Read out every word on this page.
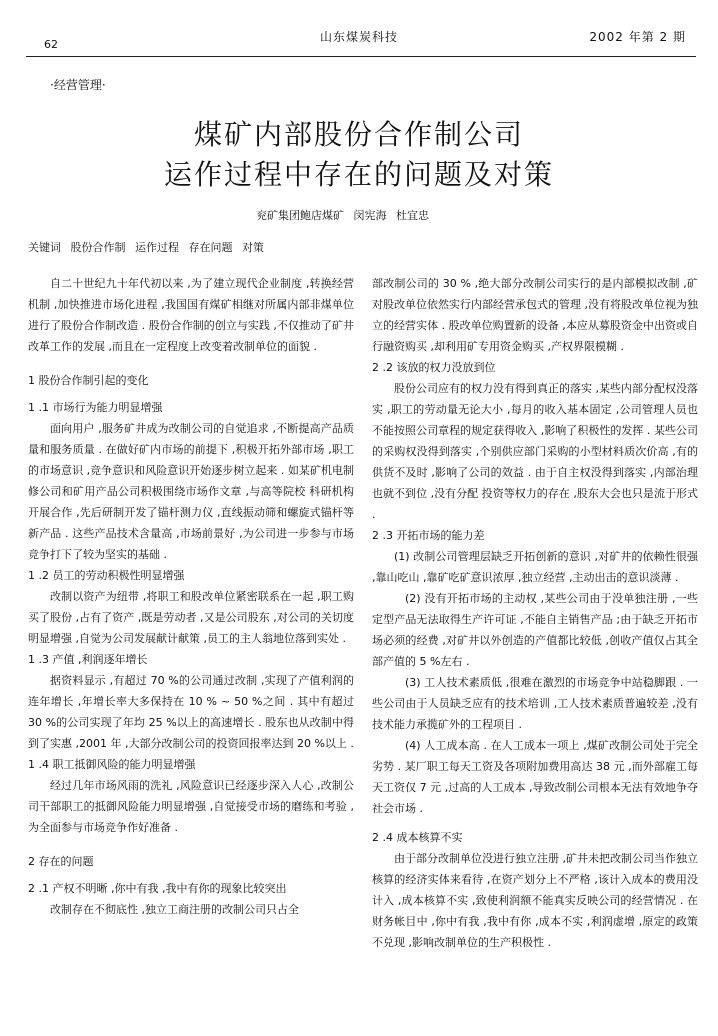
山东煤炭科技
62
2002 年第 2 期
·经营管理·
煤矿内部股份合作制公司
运作过程中存在的问题及对策
兖矿集团鲍店煤矿 闵宪海 杜宜忠
关键词 股份合作制 运作过程 存在问题 对策

自二十世纪九十年代初以来 ,为了建立现代企业制度 ,转换经营机制 ,加快推进市场化进程 ,我国国有煤矿相继对所属内部非煤单位进行了股份合作制改造 . 股份合作制的创立与实践 ,不仅推动了矿井改革工作的发展 ,而且在一定程度上改变着改制单位的面貌 .

1 股份合作制引起的变化

1 .1 市场行为能力明显增强

面向用户 ,服务矿井成为改制公司的自觉追求 ,不断提高产品质量和服务质量 . 在做好矿内市场的前提下 ,积极开拓外部市场 ,职工的市场意识 ,竞争意识和风险意识开始逐步树立起来 . 如某矿机电制修公司和矿用产品公司积极围绕市场作文章 ,与高等院校 科研机构开展合作 ,先后研制开发了锚杆测力仪 ,直线振动筛和螺旋式锚杆等新产品 . 这些产品技术含量高 ,市场前景好 ,为公司进一步参与市场竞争打下了较为坚实的基础 .

1 .2 员工的劳动积极性明显增强

改制以资产为纽带 ,将职工和股改单位紧密联系在一起 ,职工购买了股份 ,占有了资产 ,既是劳动者 ,又是公司股东 ,对公司的关切度明显增强 ,自觉为公司发展献计献策 ,员工的主人翁地位落到实处 .

1 .3 产值 ,利润逐年增长

据资料显示 ,有超过 70 %的公司通过改制 ,实现了产值利润的连年增长 ,年增长率大多保持在 10 % ~ 50 %之间 . 其中有超过 30 %的公司实现了年均 25 %以上的高速增长 . 股东也从改制中得到了实惠 ,2001 年 ,大部分改制公司的投资回报率达到 20 %以上 .

1 .4 职工抵御风险的能力明显增强

经过几年市场风雨的洗礼 ,风险意识已经逐步深入人心 ,改制公司干部职工的抵御风险能力明显增强 ,自觉接受市场的磨练和考验 ,为全面参与市场竞争作好准备 .

2 存在的问题

2 .1 产权不明晰 ,你中有我 ,我中有你的现象比较突出

改制存在不彻底性 ,独立工商注册的改制公司只占全

部改制公司的 30 % ,绝大部分改制公司实行的是内部模拟改制 ,矿对股改单位依然实行内部经营承包式的管理 ,没有将股改单位视为独立的经营实体 . 股改单位购置新的设备 ,本应从募股资金中出资或自行融资购买 ,却利用矿专用资金购买 ,产权界限模糊 .

2 .2 该放的权力没放到位

股份公司应有的权力没有得到真正的落实 ,某些内部分配权没落实 ,职工的劳动量无论大小 ,每月的收入基本固定 ,公司管理人员也不能按照公司章程的规定获得收入 ,影响了积极性的发挥 . 某些公司的采购权没得到落实 ,个别供应部门采购的小型材料质次价高 ,有的供货不及时 ,影响了公司的效益 . 由于自主权没得到落实 ,内部治理也就不到位 ,没有分配 投资等权力的存在 ,股东大会也只是流于形式 .

2 .3 开拓市场的能力差

(1) 改制公司管理层缺乏开拓创新的意识 ,对矿井的依赖性很强 ,靠山吃山 ,靠矿吃矿意识浓厚 ,独立经营 ,主动出击的意识淡薄 .

(2) 没有开拓市场的主动权 ,某些公司由于没单独注册 ,一些定型产品无法取得生产许可证 ,不能自主销售产品 ;由于缺乏开拓市场必须的经费 ,对矿井以外创造的产值都比较低 ,创收产值仅占其全部产值的 5 %左右 .

(3) 工人技术素质低 ,很难在激烈的市场竞争中站稳脚跟 . 一些公司由于人员缺乏应有的技术培训 ,工人技术素质普遍较差 ,没有技术能力承揽矿外的工程项目 .

(4) 人工成本高 . 在人工成本一项上 ,煤矿改制公司处于完全劣势 . 某厂职工每天工资及各项附加费用高达 38 元 ,而外部雇工每天工资仅 7 元 ,过高的人工成本 ,导致改制公司根本无法有效地争夺社会市场 .

2 .4 成本核算不实

由于部分改制单位没进行独立注册 ,矿井未把改制公司当作独立核算的经济实体来看待 ,在资产划分上不严格 ,该计入成本的费用没计入 ,成本核算不实 ,致使利润额不能真实反映公司的经营情况 . 在财务帐目中 ,你中有我 ,我中有你 ,成本不实 ,利润虚增 ,原定的政策不兑现 ,影响改制单位的生产积极性 .
